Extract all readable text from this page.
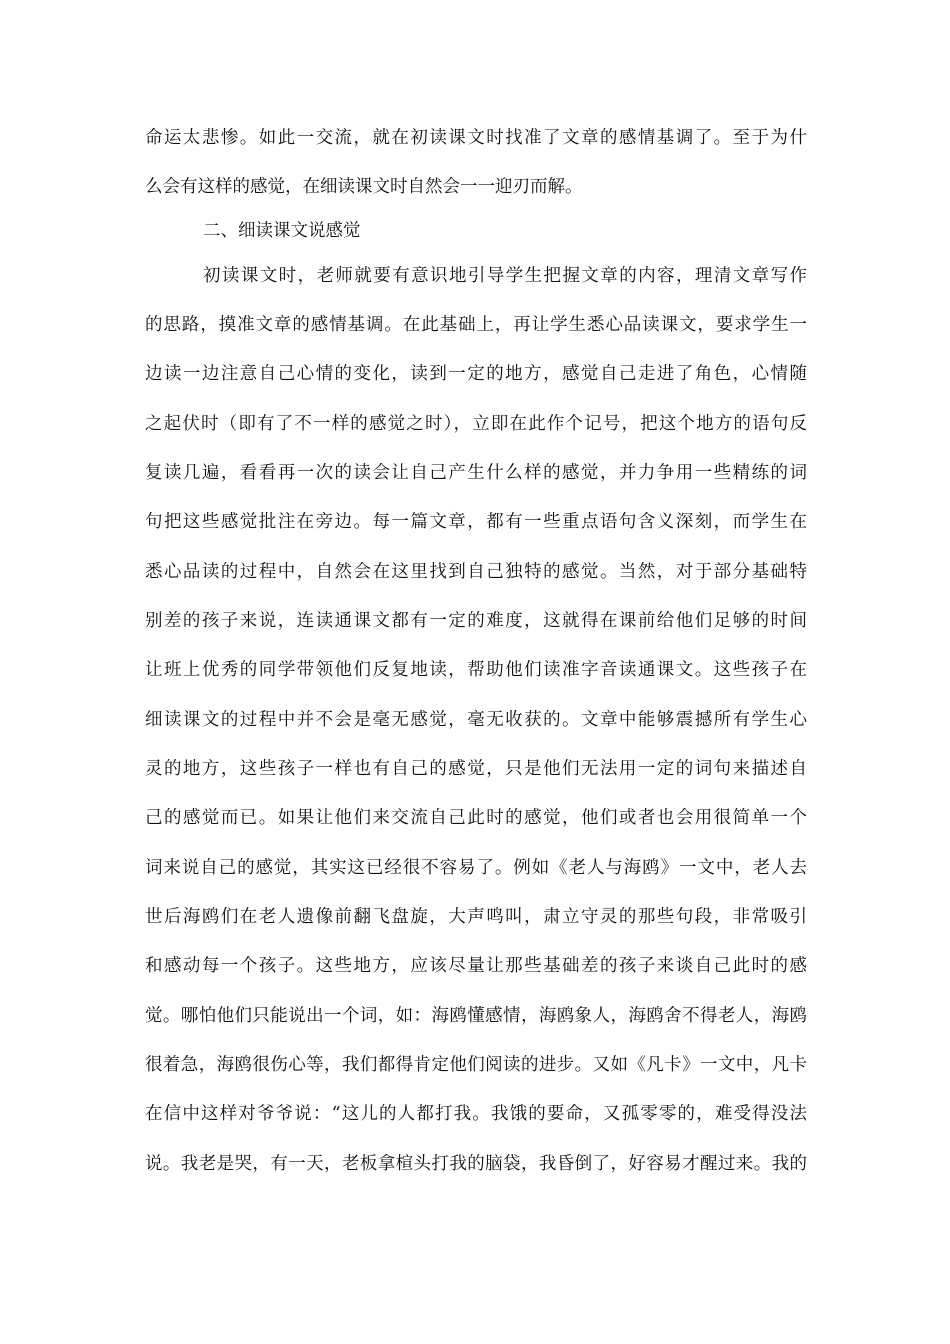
命运太悲惨。如此一交流，就在初读课文时找准了文章的感情基调了。至于为什
么会有这样的感觉，在细读课文时自然会一一迎刃而解。
二、细读课文说感觉
初读课文时，老师就要有意识地引导学生把握文章的内容，理清文章写作
的思路，摸准文章的感情基调。在此基础上，再让学生悉心品读课文，要求学生一
边读一边注意自己心情的变化，读到一定的地方，感觉自己走进了角色，心情随
之起伏时（即有了不一样的感觉之时），立即在此作个记号，把这个地方的语句反
复读几遍，看看再一次的读会让自己产生什么样的感觉，并力争用一些精练的词
句把这些感觉批注在旁边。每一篇文章，都有一些重点语句含义深刻，而学生在
悉心品读的过程中，自然会在这里找到自己独特的感觉。当然，对于部分基础特
别差的孩子来说，连读通课文都有一定的难度，这就得在课前给他们足够的时间
让班上优秀的同学带领他们反复地读，帮助他们读准字音读通课文。这些孩子在
细读课文的过程中并不会是毫无感觉，毫无收获的。文章中能够震撼所有学生心
灵的地方，这些孩子一样也有自己的感觉，只是他们无法用一定的词句来描述自
己的感觉而已。如果让他们来交流自己此时的感觉，他们或者也会用很简单一个
词来说自己的感觉，其实这已经很不容易了。例如《老人与海鸥》一文中，老人去
世后海鸥们在老人遗像前翻飞盘旋，大声鸣叫，肃立守灵的那些句段，非常吸引
和感动每一个孩子。这些地方，应该尽量让那些基础差的孩子来谈自己此时的感
觉。哪怕他们只能说出一个词，如：海鸥懂感情，海鸥象人，海鸥舍不得老人，海鸥
很着急，海鸥很伤心等，我们都得肯定他们阅读的进步。又如《凡卡》一文中，凡卡
在信中这样对爷爷说：“这儿的人都打我。我饿的要命，又孤零零的，难受得没法
说。我老是哭，有一天，老板拿楦头打我的脑袋，我昏倒了，好容易才醒过来。我的
